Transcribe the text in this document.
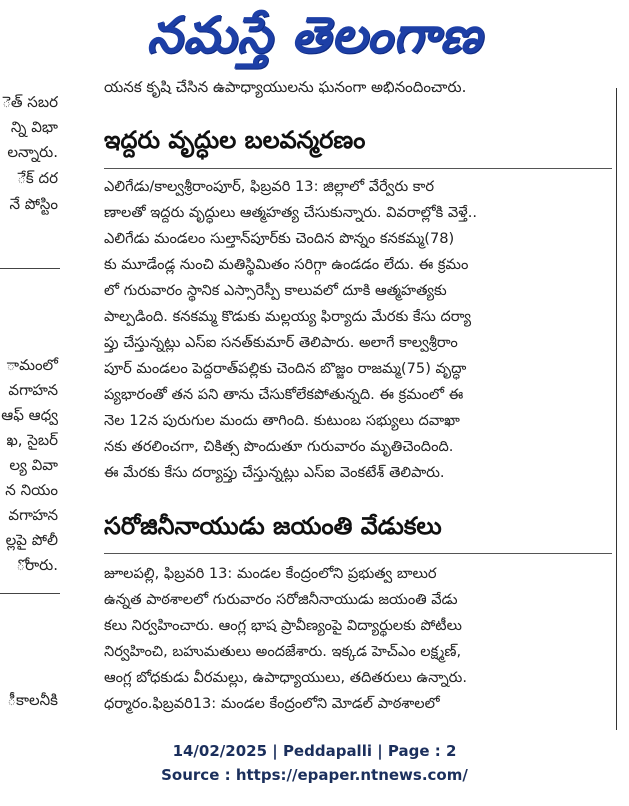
నమస్తే తెలంగాణ
ెత్ సబర
న్ని విభా
లన్నారు.
ేక్ దర
నే పోస్టిం
ామంలో
వగాహన
ఆఫ్ ఆధ్వ
ఖ, సైబర్
ల్య వివా
న నియం
వగాహన
ల్లపై పోలీ
ోరారు.
ీకాలనీకి
యనక కృషి చేసిన ఉపాధ్యాయులను ఘనంగా అభినందించారు.
ఇద్దరు వృద్ధుల బలవన్మరణం
ఎలిగేడు/కాల్వశ్రీరాంపూర్, ఫిబ్రవరి 13: జిల్లాలో వేర్వేరు కార
ణాలతో ఇద్దరు వృద్ధులు ఆత్మహత్య చేసుకున్నారు. వివరాల్లోకి వెళ్తే..
ఎలిగేడు మండలం సుల్తాన్‌పూర్‌కు చెందిన పొన్నం కనకమ్మ(78)
కు మూడేండ్ల నుంచి మతిస్థిమితం సరిగ్గా ఉండడం లేదు. ఈ క్రమం
లో గురువారం స్థానిక ఎస్సారెస్పీ కాలువలో దూకి ఆత్మహత్యకు
పాల్పడింది. కనకమ్మ కొడుకు మల్లయ్య ఫిర్యాదు మేరకు కేసు దర్యా
ప్తు చేస్తున్నట్లు ఎస్ఐ సనత్‌కుమార్ తెలిపారు. అలాగే కాల్వశ్రీరాం
పూర్ మండలం పెద్దరాత్‌పల్లికు చెందిన బొజ్జం రాజమ్మ(75) వృద్ధా
ప్యభారంతో తన పని తాను చేసుకోలేకపోతున్నది. ఈ క్రమంలో ఈ
నెల 12న పురుగుల మందు తాగింది. కుటుంబ సభ్యులు దవాఖా
నకు తరలించగా, చికిత్స పొందుతూ గురువారం మృతిచెందింది.
ఈ మేరకు కేసు దర్యాప్తు చేస్తున్నట్లు ఎస్ఐ వెంకటేశ్ తెలిపారు.
సరోజినీనాయుడు జయంతి వేడుకలు
జూలపల్లి, ఫిబ్రవరి 13: మండల కేంద్రంలోని ప్రభుత్వ బాలుర
ఉన్నత పాఠశాలలో గురువారం సరోజినీనాయుడు జయంతి వేడు
కలు నిర్వహించారు. ఆంగ్ల భాష ప్రావీణ్యంపై విద్యార్థులకు పోటీలు
నిర్వహించి, బహుమతులు అందజేశారు. ఇక్కడ హెచ్ఎం లక్ష్మణ్,
ఆంగ్ల బోధకుడు వీరమల్లు, ఉపాధ్యాయులు, తదితరులు ఉన్నారు.
ధర్మారం.ఫిబ్రవరి13: మండల కేంద్రంలోని మోడల్ పాఠశాలలో
14/02/2025 | Peddapalli | Page : 2
Source : https://epaper.ntnews.com/
